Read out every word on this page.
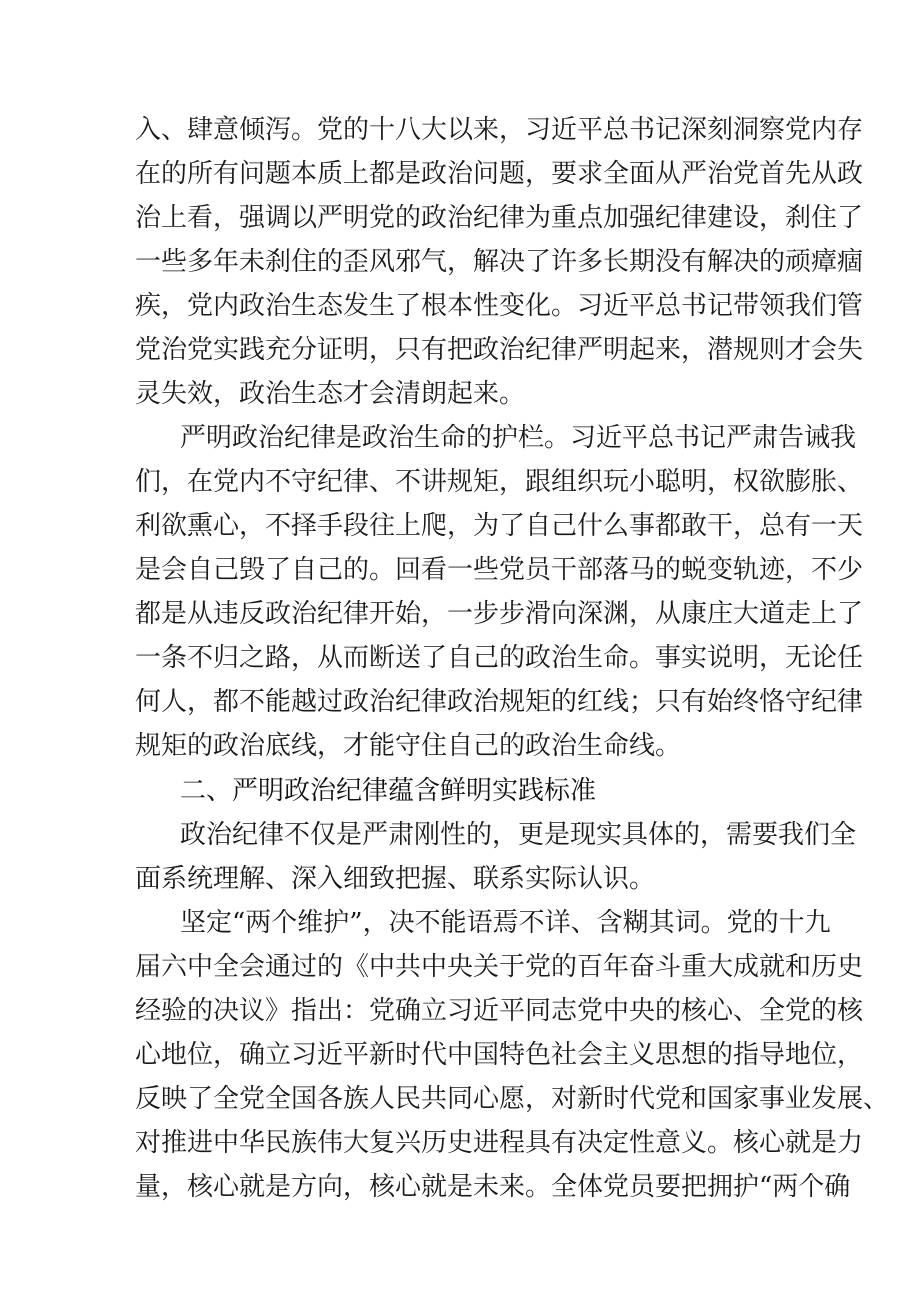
入、肆意倾泻。党的十八大以来，习近平总书记深刻洞察党内存
在的所有问题本质上都是政治问题，要求全面从严治党首先从政
治上看，强调以严明党的政治纪律为重点加强纪律建设，刹住了
一些多年未刹住的歪风邪气，解决了许多长期没有解决的顽瘴痼
疾，党内政治生态发生了根本性变化。习近平总书记带领我们管
党治党实践充分证明，只有把政治纪律严明起来，潜规则才会失
灵失效，政治生态才会清朗起来。
严明政治纪律是政治生命的护栏。习近平总书记严肃告诫我
们，在党内不守纪律、不讲规矩，跟组织玩小聪明，权欲膨胀、
利欲熏心，不择手段往上爬，为了自己什么事都敢干，总有一天
是会自己毁了自己的。回看一些党员干部落马的蜕变轨迹，不少
都是从违反政治纪律开始，一步步滑向深渊，从康庄大道走上了
一条不归之路，从而断送了自己的政治生命。事实说明，无论任
何人，都不能越过政治纪律政治规矩的红线；只有始终恪守纪律
规矩的政治底线，才能守住自己的政治生命线。
二、严明政治纪律蕴含鲜明实践标准
政治纪律不仅是严肃刚性的，更是现实具体的，需要我们全
面系统理解、深入细致把握、联系实际认识。
坚定“两个维护”，决不能语焉不详、含糊其词。党的十九
届六中全会通过的《中共中央关于党的百年奋斗重大成就和历史
经验的决议》指出：党确立习近平同志党中央的核心、全党的核
心地位，确立习近平新时代中国特色社会主义思想的指导地位，
反映了全党全国各族人民共同心愿，对新时代党和国家事业发展、
对推进中华民族伟大复兴历史进程具有决定性意义。核心就是力
量，核心就是方向，核心就是未来。全体党员要把拥护“两个确
